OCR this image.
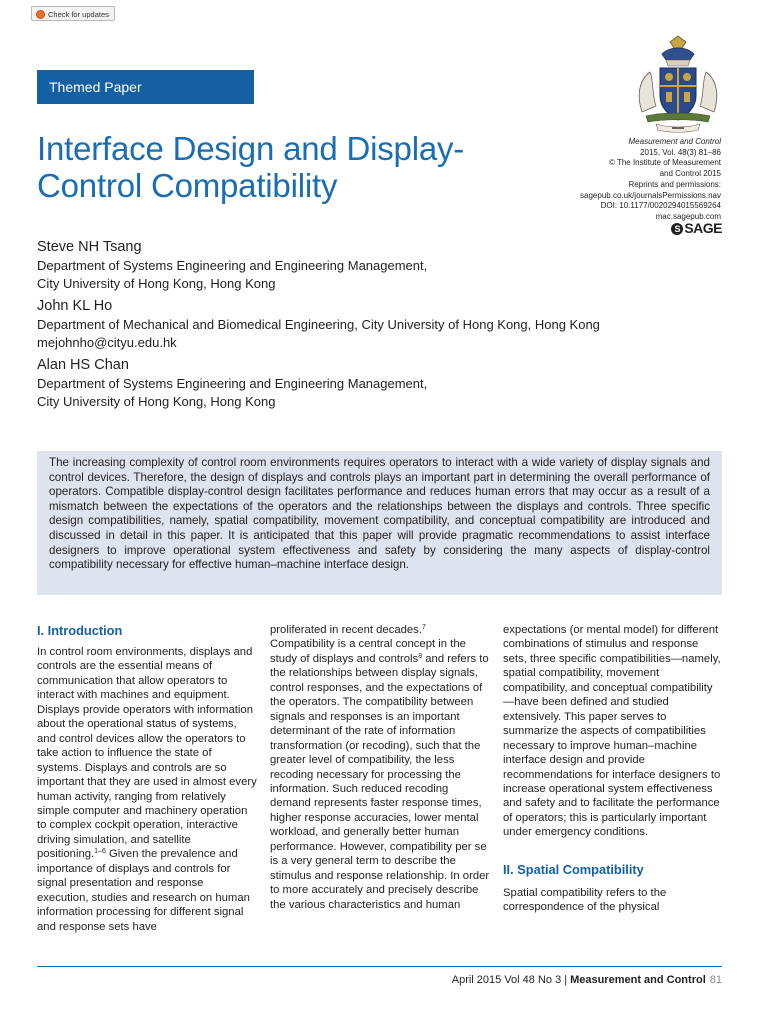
Check for updates
Themed Paper
Interface Design and Display-Control Compatibility
Measurement and Control
2015, Vol. 48(3) 81–86
© The Institute of Measurement
and Control 2015
Reprints and permissions:
sagepub.co.uk/journalsPermissions.nav
DOI: 10.1177/0020294015569264
mac.sagepub.com
S SAGE
Steve NH Tsang
Department of Systems Engineering and Engineering Management,
City University of Hong Kong, Hong Kong
John KL Ho
Department of Mechanical and Biomedical Engineering, City University of Hong Kong, Hong Kong
mejohnho@cityu.edu.hk
Alan HS Chan
Department of Systems Engineering and Engineering Management,
City University of Hong Kong, Hong Kong
The increasing complexity of control room environments requires operators to interact with a wide variety of display signals and control devices. Therefore, the design of displays and controls plays an important part in determining the overall performance of operators. Compatible display-control design facilitates performance and reduces human errors that may occur as a result of a mismatch between the expectations of the operators and the relationships between the displays and controls. Three specific design compatibilities, namely, spatial compatibility, movement compatibility, and conceptual compatibility are introduced and discussed in detail in this paper. It is anticipated that this paper will provide pragmatic recommendations to assist interface designers to improve operational system effectiveness and safety by considering the many aspects of display-control compatibility necessary for effective human–machine interface design.
I. Introduction

In control room environments, displays and controls are the essential means of communication that allow operators to interact with machines and equipment. Displays provide operators with information about the operational status of systems, and control devices allow the operators to take action to influence the state of systems. Displays and controls are so important that they are used in almost every human activity, ranging from relatively simple computer and machinery operation to complex cockpit operation, interactive driving simulation, and satellite positioning.$^{1-6}$ Given the prevalence and importance of displays and controls for signal presentation and response execution, studies and research on human information processing for different signal and response sets have

proliferated in recent decades.$^7$ Compatibility is a central concept in the study of displays and controls$^8$ and refers to the relationships between display signals, control responses, and the expectations of the operators. The compatibility between signals and responses is an important determinant of the rate of information transformation (or recoding), such that the greater level of compatibility, the less recoding necessary for processing the information. Such reduced recoding demand represents faster response times, higher response accuracies, lower mental workload, and generally better human performance. However, compatibility per se is a very general term to describe the stimulus and response relationship. In order to more accurately and precisely describe the various characteristics and human

expectations (or mental model) for different combinations of stimulus and response sets, three specific compatibilities—namely, spatial compatibility, movement compatibility, and conceptual compatibility—have been defined and studied extensively. This paper serves to summarize the aspects of compatibilities necessary to improve human–machine interface design and provide recommendations for interface designers to increase operational system effectiveness and safety and to facilitate the performance of operators; this is particularly important under emergency conditions.

II. Spatial Compatibility

Spatial compatibility refers to the correspondence of the physical

April 2015 Vol 48 No 3 | Measurement and Control 81
